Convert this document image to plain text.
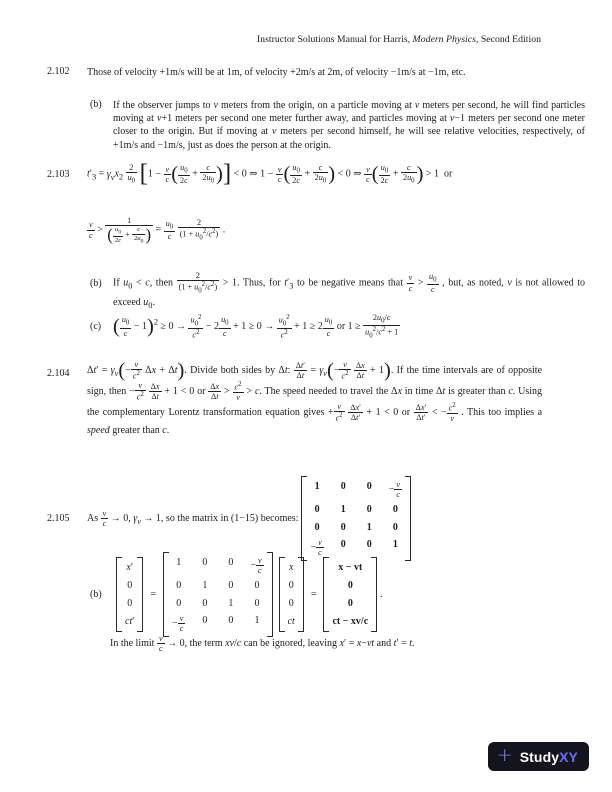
Instructor Solutions Manual for Harris, Modern Physics, Second Edition
2.102	Those of velocity +1m/s will be at 1m, of velocity +2m/s at 2m, of velocity −1m/s at −1m, etc.
(b)	If the observer jumps to v meters from the origin, on a particle moving at v meters per second, he will find particles moving at v+1 meters per second one meter further away, and particles moving at v−1 meters per second one meter closer to the origin. But if moving at v meters per second himself, he will see relative velocities, respectively, of +1m/s and −1m/s, just as does the person at the origin.
2.103	$t'_3 = \gamma_vx_2 \frac{2}{u_0} [1 - \frac{v}{c}$ ( $\frac{u_0}{2c} + \frac{c}{2u_0}$ )] < 0 ⇒ $1 - \frac{v}{c}$ ( $\frac{u_0}{2c} + \frac{c}{2u_0}$ ) < 0 ⇒ $\frac{v}{c}$ ( $\frac{u_0}{2c} + \frac{c}{2u_0}$ ) > 1  or
$\frac{v}{c} > \frac{1}{( \frac{u_0}{2c} + \frac{c}{2u_0} )} = \frac{u_0}{c}$
$\frac{2}{(1 + u_0^2/c^2)}$ .
(b)	If $u_0 < c$, then $\frac{2}{(1 + u_0^2/c^2)} > 1$. Thus, for $t'_3$ to be negative means that $\frac{v}{c} > \frac{u_0}{c}$ , but, as noted, v is not allowed to exceed $u_0$.
(c) ( $\frac{u_0}{c} - 1)^2 \ge 0 \to \frac{u_0^2}{c^2} - 2 \frac{u_0}{c} + 1 \ge 0 \to \frac{u_0^2}{c^2} + 1 \ge 2 \frac{u_0}{c}$ or $1 \ge \frac{2u_0/c}{u_0^2/c^2 + 1}$
2.104	$\Delta t' = \gamma_v(- \frac{v}{c^2}$ Δx + Δt). Divide both sides by Δt: $\frac{\Delta t'}{\Delta t} = \gamma_v(- \frac{v}{c^2}$
$\frac{\Delta x}{\Delta t} + 1$). If the time intervals are of opposite sign, then − $\frac{v}{c^2}$
$\frac{\Delta x}{\Delta t} + 1 < 0$ or $\frac{\Delta x}{\Delta t} > \frac{c^2}{v} > c$. The speed needed to travel the Δx in time Δt is greater than c. Using the complementary Lorentz transformation equation gives + $\frac{v}{c^2}$
$\frac{\Delta x'}{\Delta t'} + 1 < 0$ or $\frac{\Delta x'}{\Delta t'}$ < − $\frac{c^2}{v}$ . This too implies a speed greater than c.
2.105	As $\frac{v}{c} \to 0$, $\gamma_v \to 1$, so the matrix in (1−15) becomes:
1	0	0	− $\frac{v}{c}$
0	1	0	0
0	0	1	0
− $\frac{v}{c}$	0	0	1
(b)
x′
0
0
ct′
=
1	0	0	− $\frac{v}{c}$
0	1	0	0
0	0	1	0
− $\frac{v}{c}$	0	0	1
x
0
0
ct
=
x − vt
0
0
ct − xv/c
.
In the limit $\frac{v}{c} \to 0$, the term xv/c can be ignored, leaving x′ = x−vt and t′ = t.
+ StudyXY
